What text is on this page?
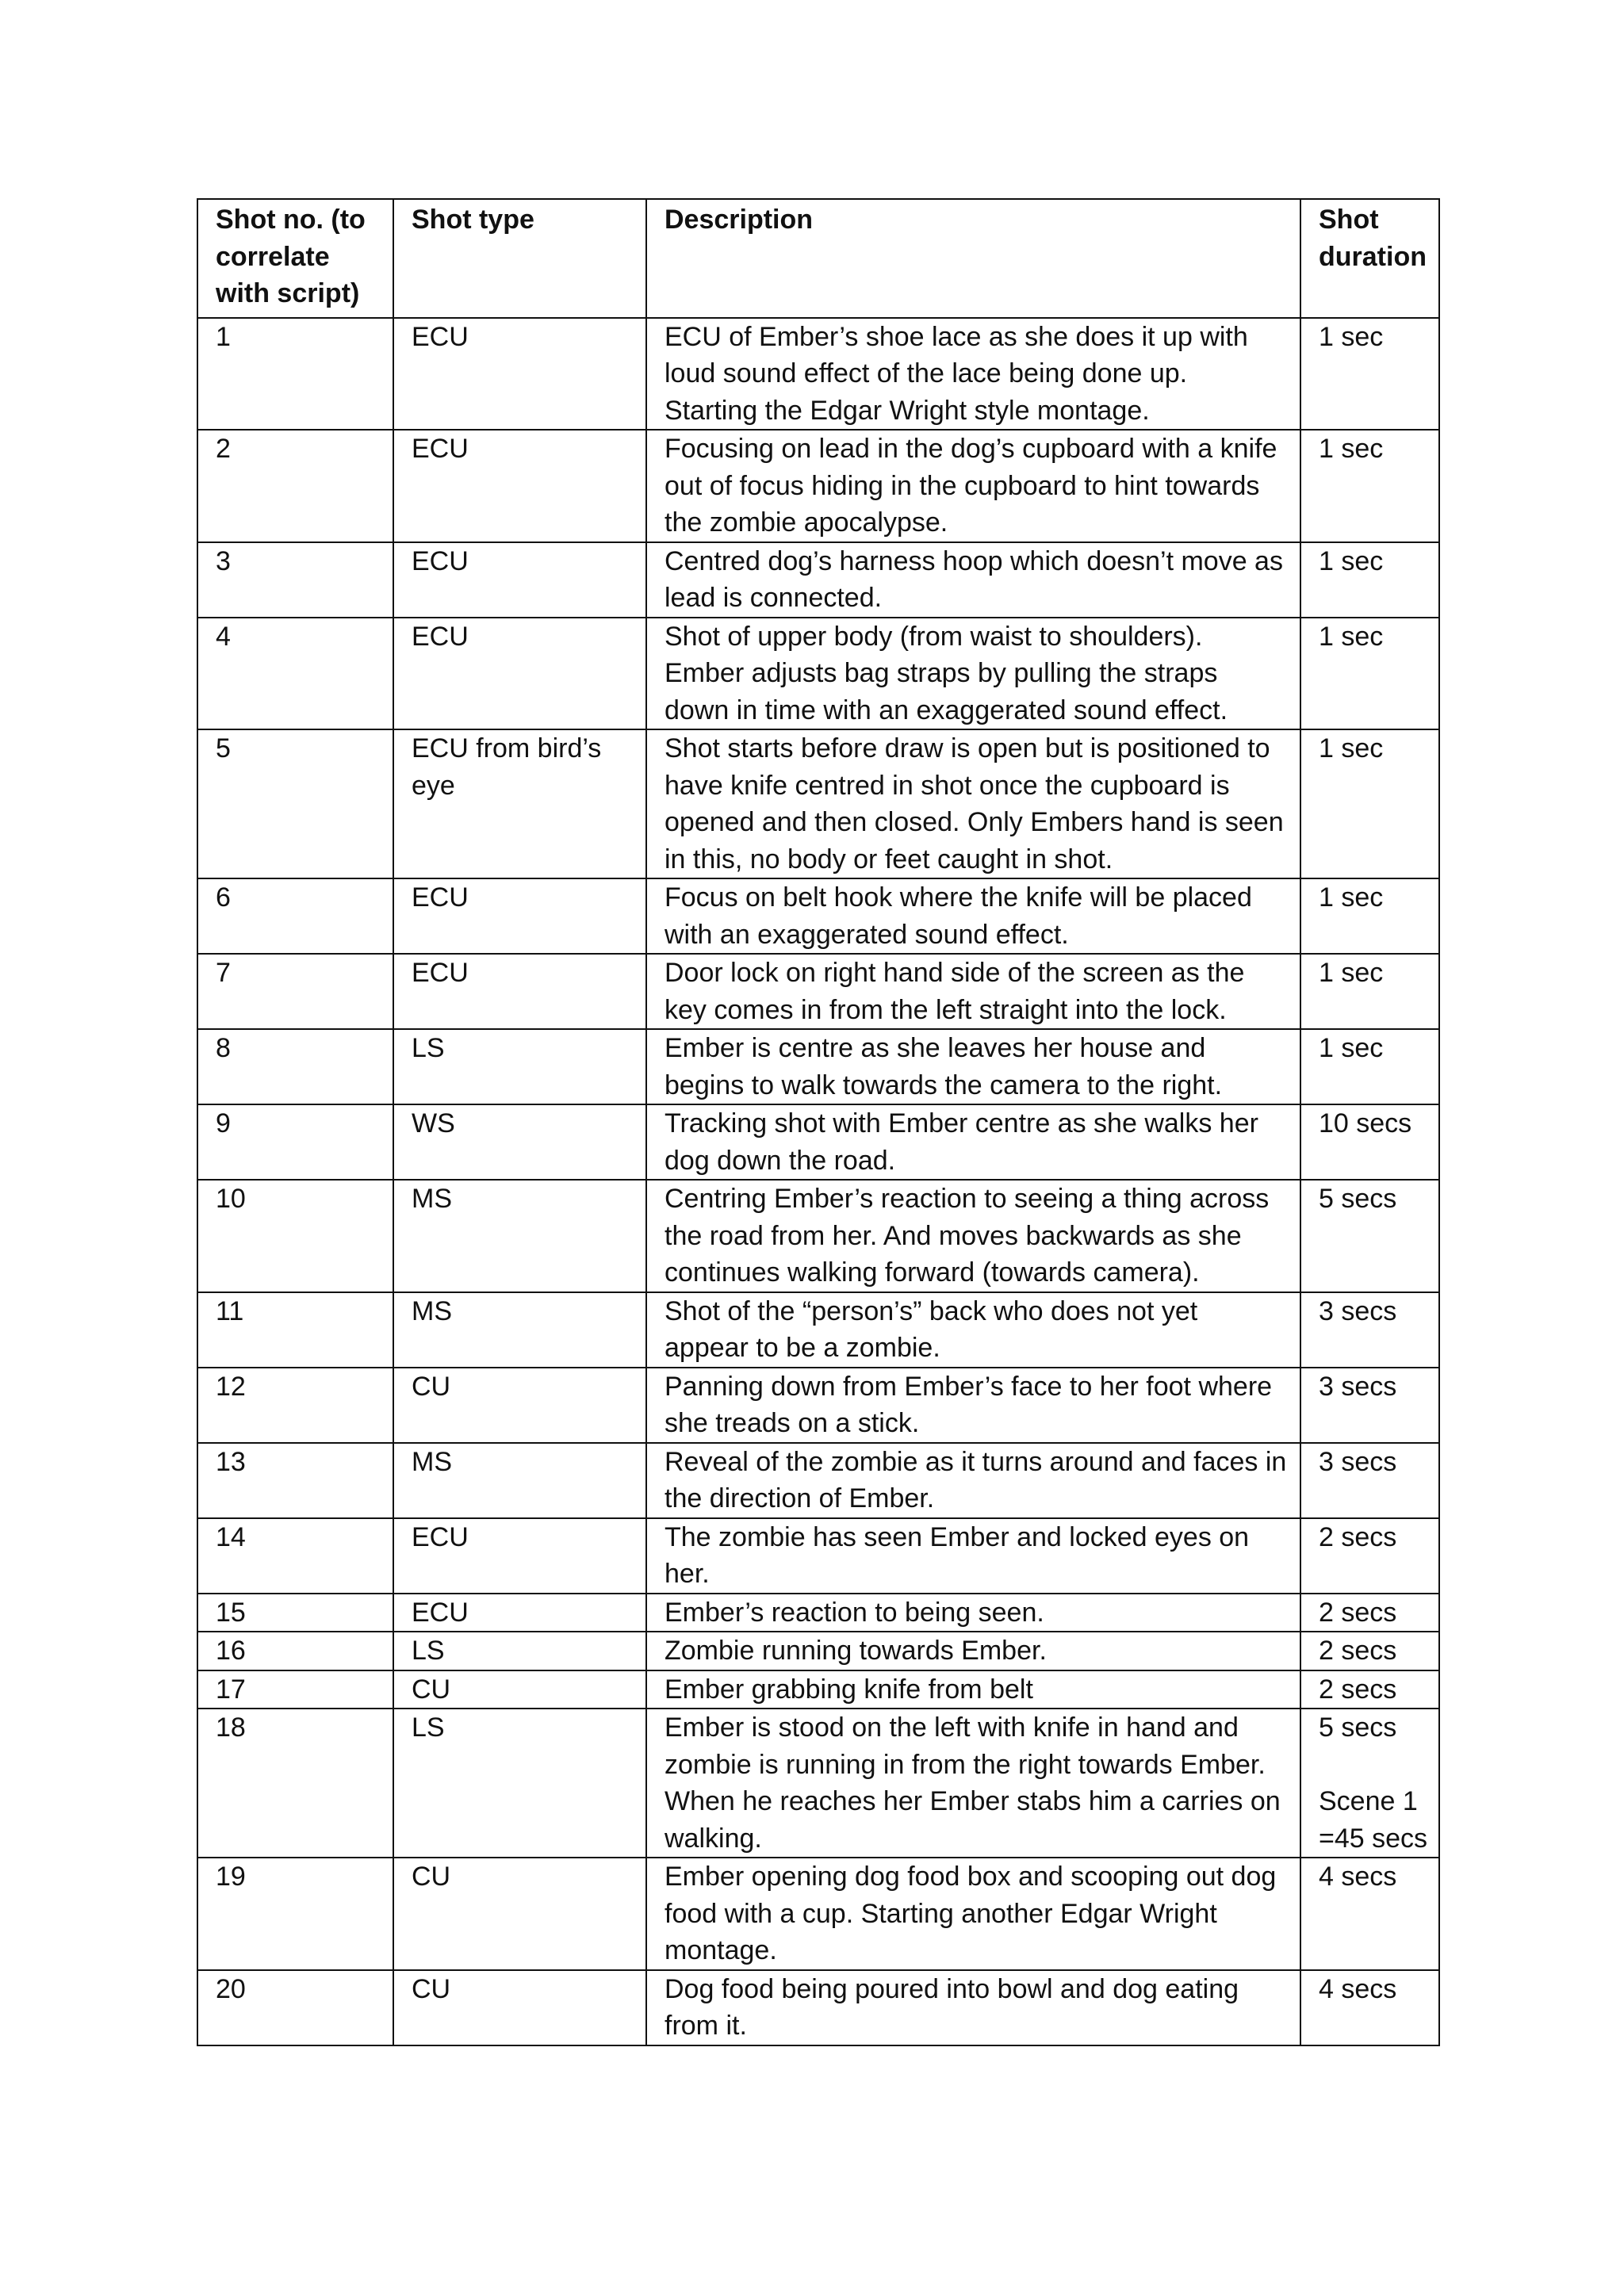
Shot no. (to correlate with script)	Shot type	Description	Shot duration
1	ECU	ECU of Ember’s shoe lace as she does it up with loud sound effect of the lace being done up. Starting the Edgar Wright style montage.	1 sec
2	ECU	Focusing on lead in the dog’s cupboard with a knife out of focus hiding in the cupboard to hint towards the zombie apocalypse.	1 sec
3	ECU	Centred dog’s harness hoop which doesn’t move as lead is connected.	1 sec
4	ECU	Shot of upper body (from waist to shoulders). Ember adjusts bag straps by pulling the straps down in time with an exaggerated sound effect.	1 sec
5	ECU from bird’s eye	Shot starts before draw is open but is positioned to have knife centred in shot once the cupboard is opened and then closed. Only Embers hand is seen in this, no body or feet caught in shot.	1 sec
6	ECU	Focus on belt hook where the knife will be placed with an exaggerated sound effect.	1 sec
7	ECU	Door lock on right hand side of the screen as the key comes in from the left straight into the lock.	1 sec
8	LS	Ember is centre as she leaves her house and begins to walk towards the camera to the right.	1 sec
9	WS	Tracking shot with Ember centre as she walks her dog down the road.	10 secs
10	MS	Centring Ember’s reaction to seeing a thing across the road from her. And moves backwards as she continues walking forward (towards camera).	5 secs
11	MS	Shot of the “person’s” back who does not yet appear to be a zombie.	3 secs
12	CU	Panning down from Ember’s face to her foot where she treads on a stick.	3 secs
13	MS	Reveal of the zombie as it turns around and faces in the direction of Ember.	3 secs
14	ECU	The zombie has seen Ember and locked eyes on her.	2 secs
15	ECU	Ember’s reaction to being seen.	2 secs
16	LS	Zombie running towards Ember.	2 secs
17	CU	Ember grabbing knife from belt	2 secs
18	LS	Ember is stood on the left with knife in hand and zombie is running in from the right towards Ember. When he reaches her Ember stabs him a carries on walking.	5 secs

Scene 1 =45 secs
19	CU	Ember opening dog food box and scooping out dog food with a cup. Starting another Edgar Wright montage.	4 secs
20	CU	Dog food being poured into bowl and dog eating from it.	4 secs
